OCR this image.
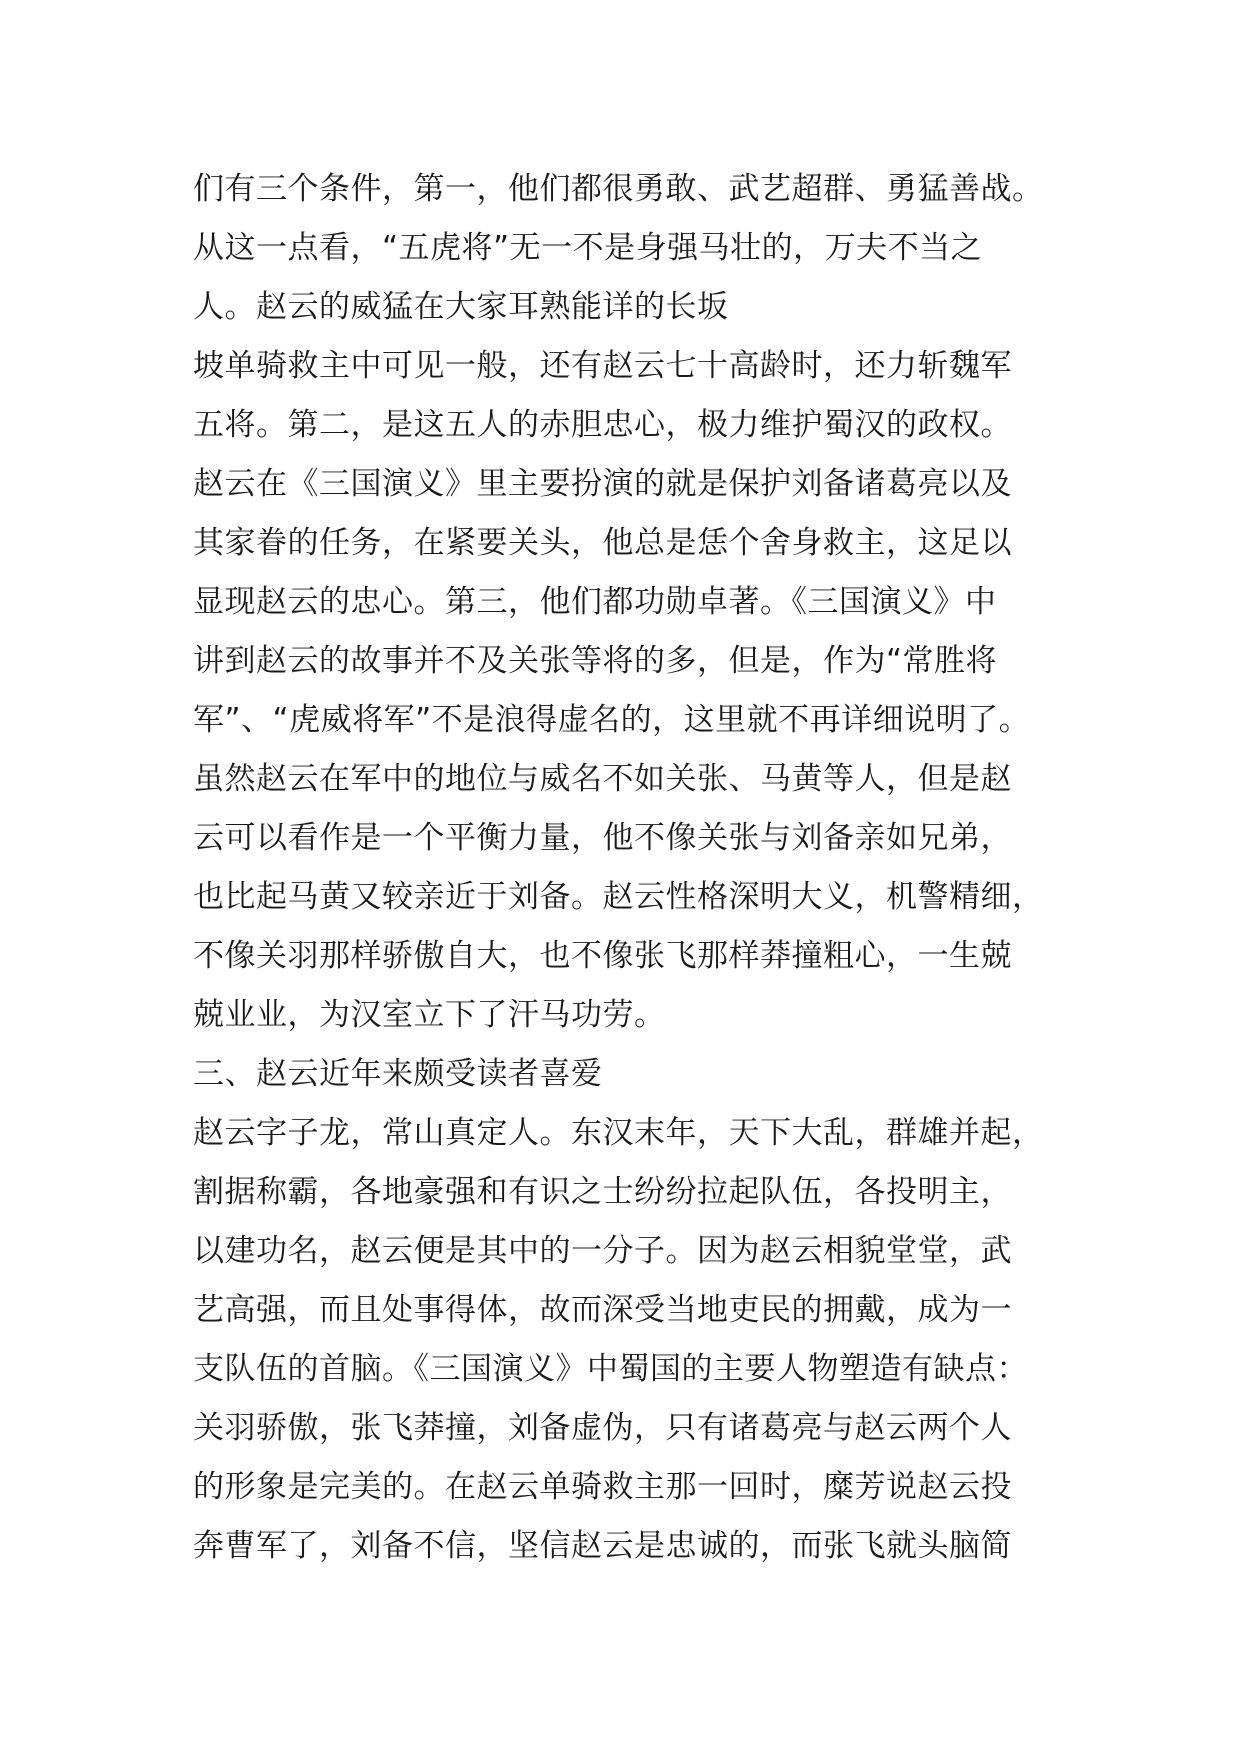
们有三个条件，第一，他们都很勇敢、武艺超群、勇猛善战。
从这一点看，“五虎将”无一不是身强马壮的，万夫不当之
人。赵云的威猛在大家耳熟能详的长坂
坡单骑救主中可见一般，还有赵云七十高龄时，还力斩魏军
五将。第二，是这五人的赤胆忠心，极力维护蜀汉的政权。
赵云在《三国演义》里主要扮演的就是保护刘备诸葛亮以及
其家眷的任务，在紧要关头，他总是恁个舍身救主，这足以
显现赵云的忠心。第三，他们都功勋卓著。《三国演义》中
讲到赵云的故事并不及关张等将的多，但是，作为“常胜将
军”、“虎威将军”不是浪得虚名的，这里就不再详细说明了。
虽然赵云在军中的地位与威名不如关张、马黄等人，但是赵
云可以看作是一个平衡力量，他不像关张与刘备亲如兄弟，
也比起马黄又较亲近于刘备。赵云性格深明大义，机警精细，
不像关羽那样骄傲自大，也不像张飞那样莽撞粗心，一生兢
兢业业，为汉室立下了汗马功劳。
三、赵云近年来颇受读者喜爱
赵云字子龙，常山真定人。东汉末年，天下大乱，群雄并起，
割据称霸，各地豪强和有识之士纷纷拉起队伍，各投明主，
以建功名，赵云便是其中的一分子。因为赵云相貌堂堂，武
艺高强，而且处事得体，故而深受当地吏民的拥戴，成为一
支队伍的首脑。《三国演义》中蜀国的主要人物塑造有缺点：
关羽骄傲，张飞莽撞，刘备虚伪，只有诸葛亮与赵云两个人
的形象是完美的。在赵云单骑救主那一回时，糜芳说赵云投
奔曹军了，刘备不信，坚信赵云是忠诚的，而张飞就头脑简
